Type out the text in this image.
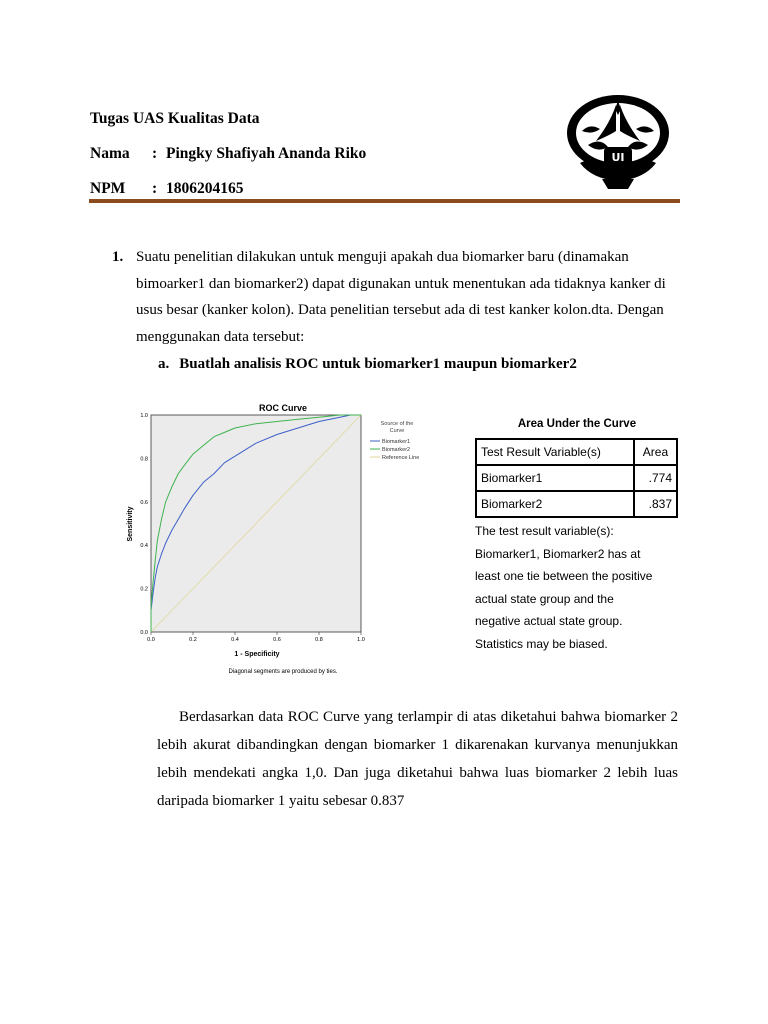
Tugas UAS Kualitas Data
Nama : Pingky Shafiyah Ananda Riko
NPM : 1806204165
UI
1. Suatu penelitian dilakukan untuk menguji apakah dua biomarker baru (dinamakan

bimoarker1 dan biomarker2) dapat digunakan untuk menentukan ada tidaknya kanker di

usus besar (kanker kolon). Data penelitian tersebut ada di test kanker kolon.dta. Dengan

menggunakan data tersebut:

a. Buatlah analisis ROC untuk biomarker1 maupun biomarker2
ROC Curve
0.0	0.2	0.4	0.6	0.8	1.0
0.0
0.2
0.4
0.6
0.8
1.0
Sensitivity
1 - Specificity
Diagonal segments are produced by ties.
Source of the
Curve
Biomarker1
Biomarker2
Reference Line
Area Under the Curve
Test Result Variable(s)	Area
Biomarker1	.774
Biomarker2	.837
The test result variable(s):
Biomarker1, Biomarker2 has at
least one tie between the positive
actual state group and the
negative actual state group.
Statistics may be biased.

Berdasarkan data ROC Curve yang terlampir di atas diketahui bahwa biomarker 2 lebih akurat dibandingkan dengan biomarker 1 dikarenakan kurvanya menunjukkan lebih mendekati angka 1,0. Dan juga diketahui bahwa luas biomarker 2 lebih luas daripada biomarker 1 yaitu sebesar 0.837
